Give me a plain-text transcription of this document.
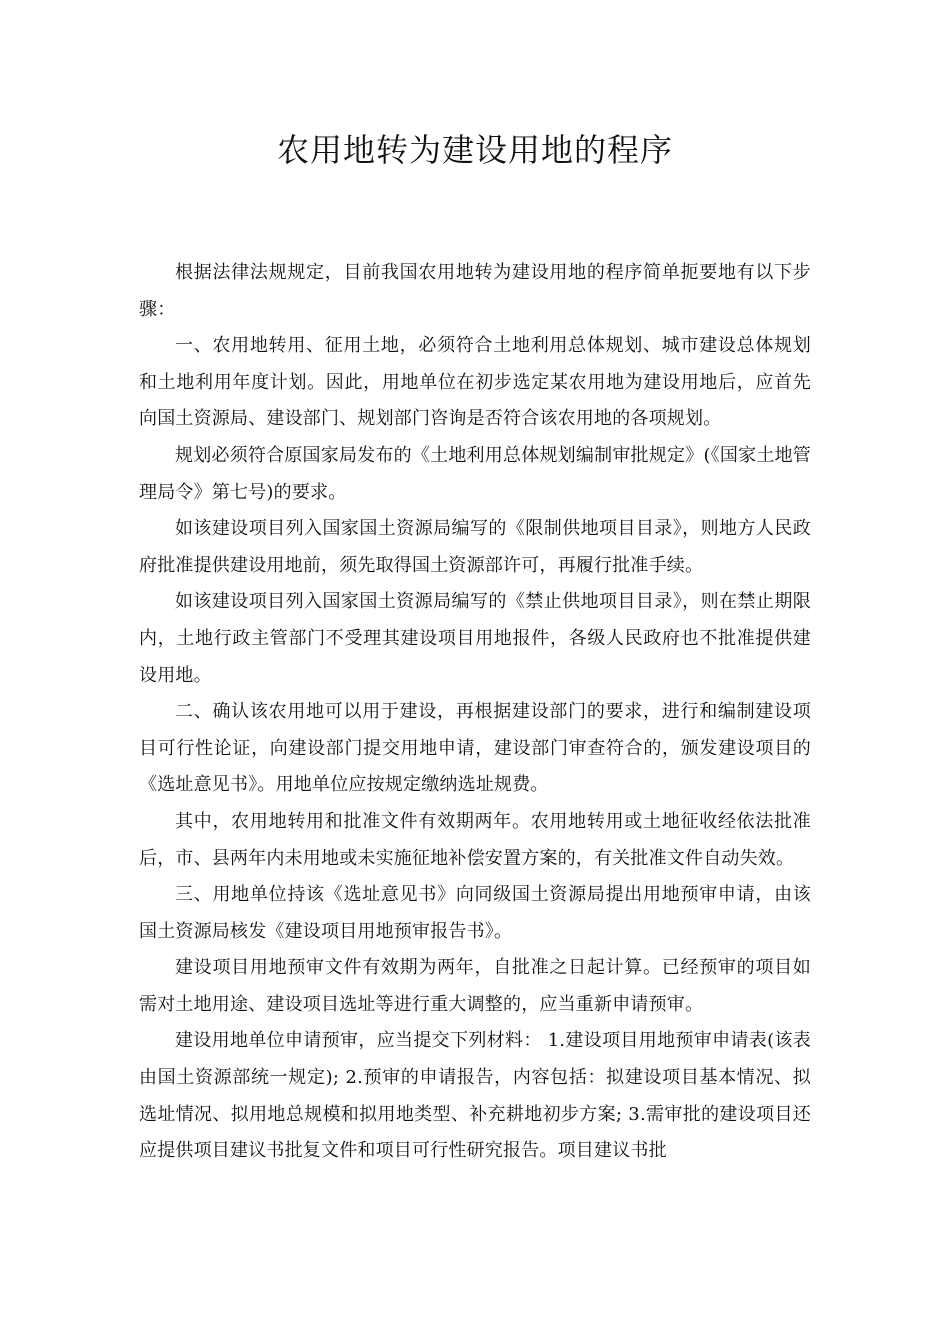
农用地转为建设用地的程序

根据法律法规规定，目前我国农用地转为建设用地的程序简单扼要地有以下步骤：

一、农用地转用、征用土地，必须符合土地利用总体规划、城市建设总体规划和土地利用年度计划。因此，用地单位在初步选定某农用地为建设用地后，应首先向国土资源局、建设部门、规划部门咨询是否符合该农用地的各项规划。

规划必须符合原国家局发布的《土地利用总体规划编制审批规定》(《国家土地管理局令》第七号)的要求。

如该建设项目列入国家国土资源局编写的《限制供地项目目录》，则地方人民政府批准提供建设用地前，须先取得国土资源部许可，再履行批准手续。

如该建设项目列入国家国土资源局编写的《禁止供地项目目录》，则在禁止期限内，土地行政主管部门不受理其建设项目用地报件，各级人民政府也不批准提供建设用地。

二、确认该农用地可以用于建设，再根据建设部门的要求，进行和编制建设项目可行性论证，向建设部门提交用地申请，建设部门审查符合的，颁发建设项目的《选址意见书》。用地单位应按规定缴纳选址规费。

其中，农用地转用和批准文件有效期两年。农用地转用或土地征收经依法批准后，市、县两年内未用地或未实施征地补偿安置方案的，有关批准文件自动失效。

三、用地单位持该《选址意见书》向同级国土资源局提出用地预审申请，由该国土资源局核发《建设项目用地预审报告书》。

建设项目用地预审文件有效期为两年，自批准之日起计算。已经预审的项目如需对土地用途、建设项目选址等进行重大调整的，应当重新申请预审。

建设用地单位申请预审，应当提交下列材料： 1.建设项目用地预审申请表(该表由国土资源部统一规定); 2.预审的申请报告，内容包括：拟建设项目基本情况、拟选址情况、拟用地总规模和拟用地类型、补充耕地初步方案; 3.需审批的建设项目还应提供项目建议书批复文件和项目可行性研究报告。项目建议书批
